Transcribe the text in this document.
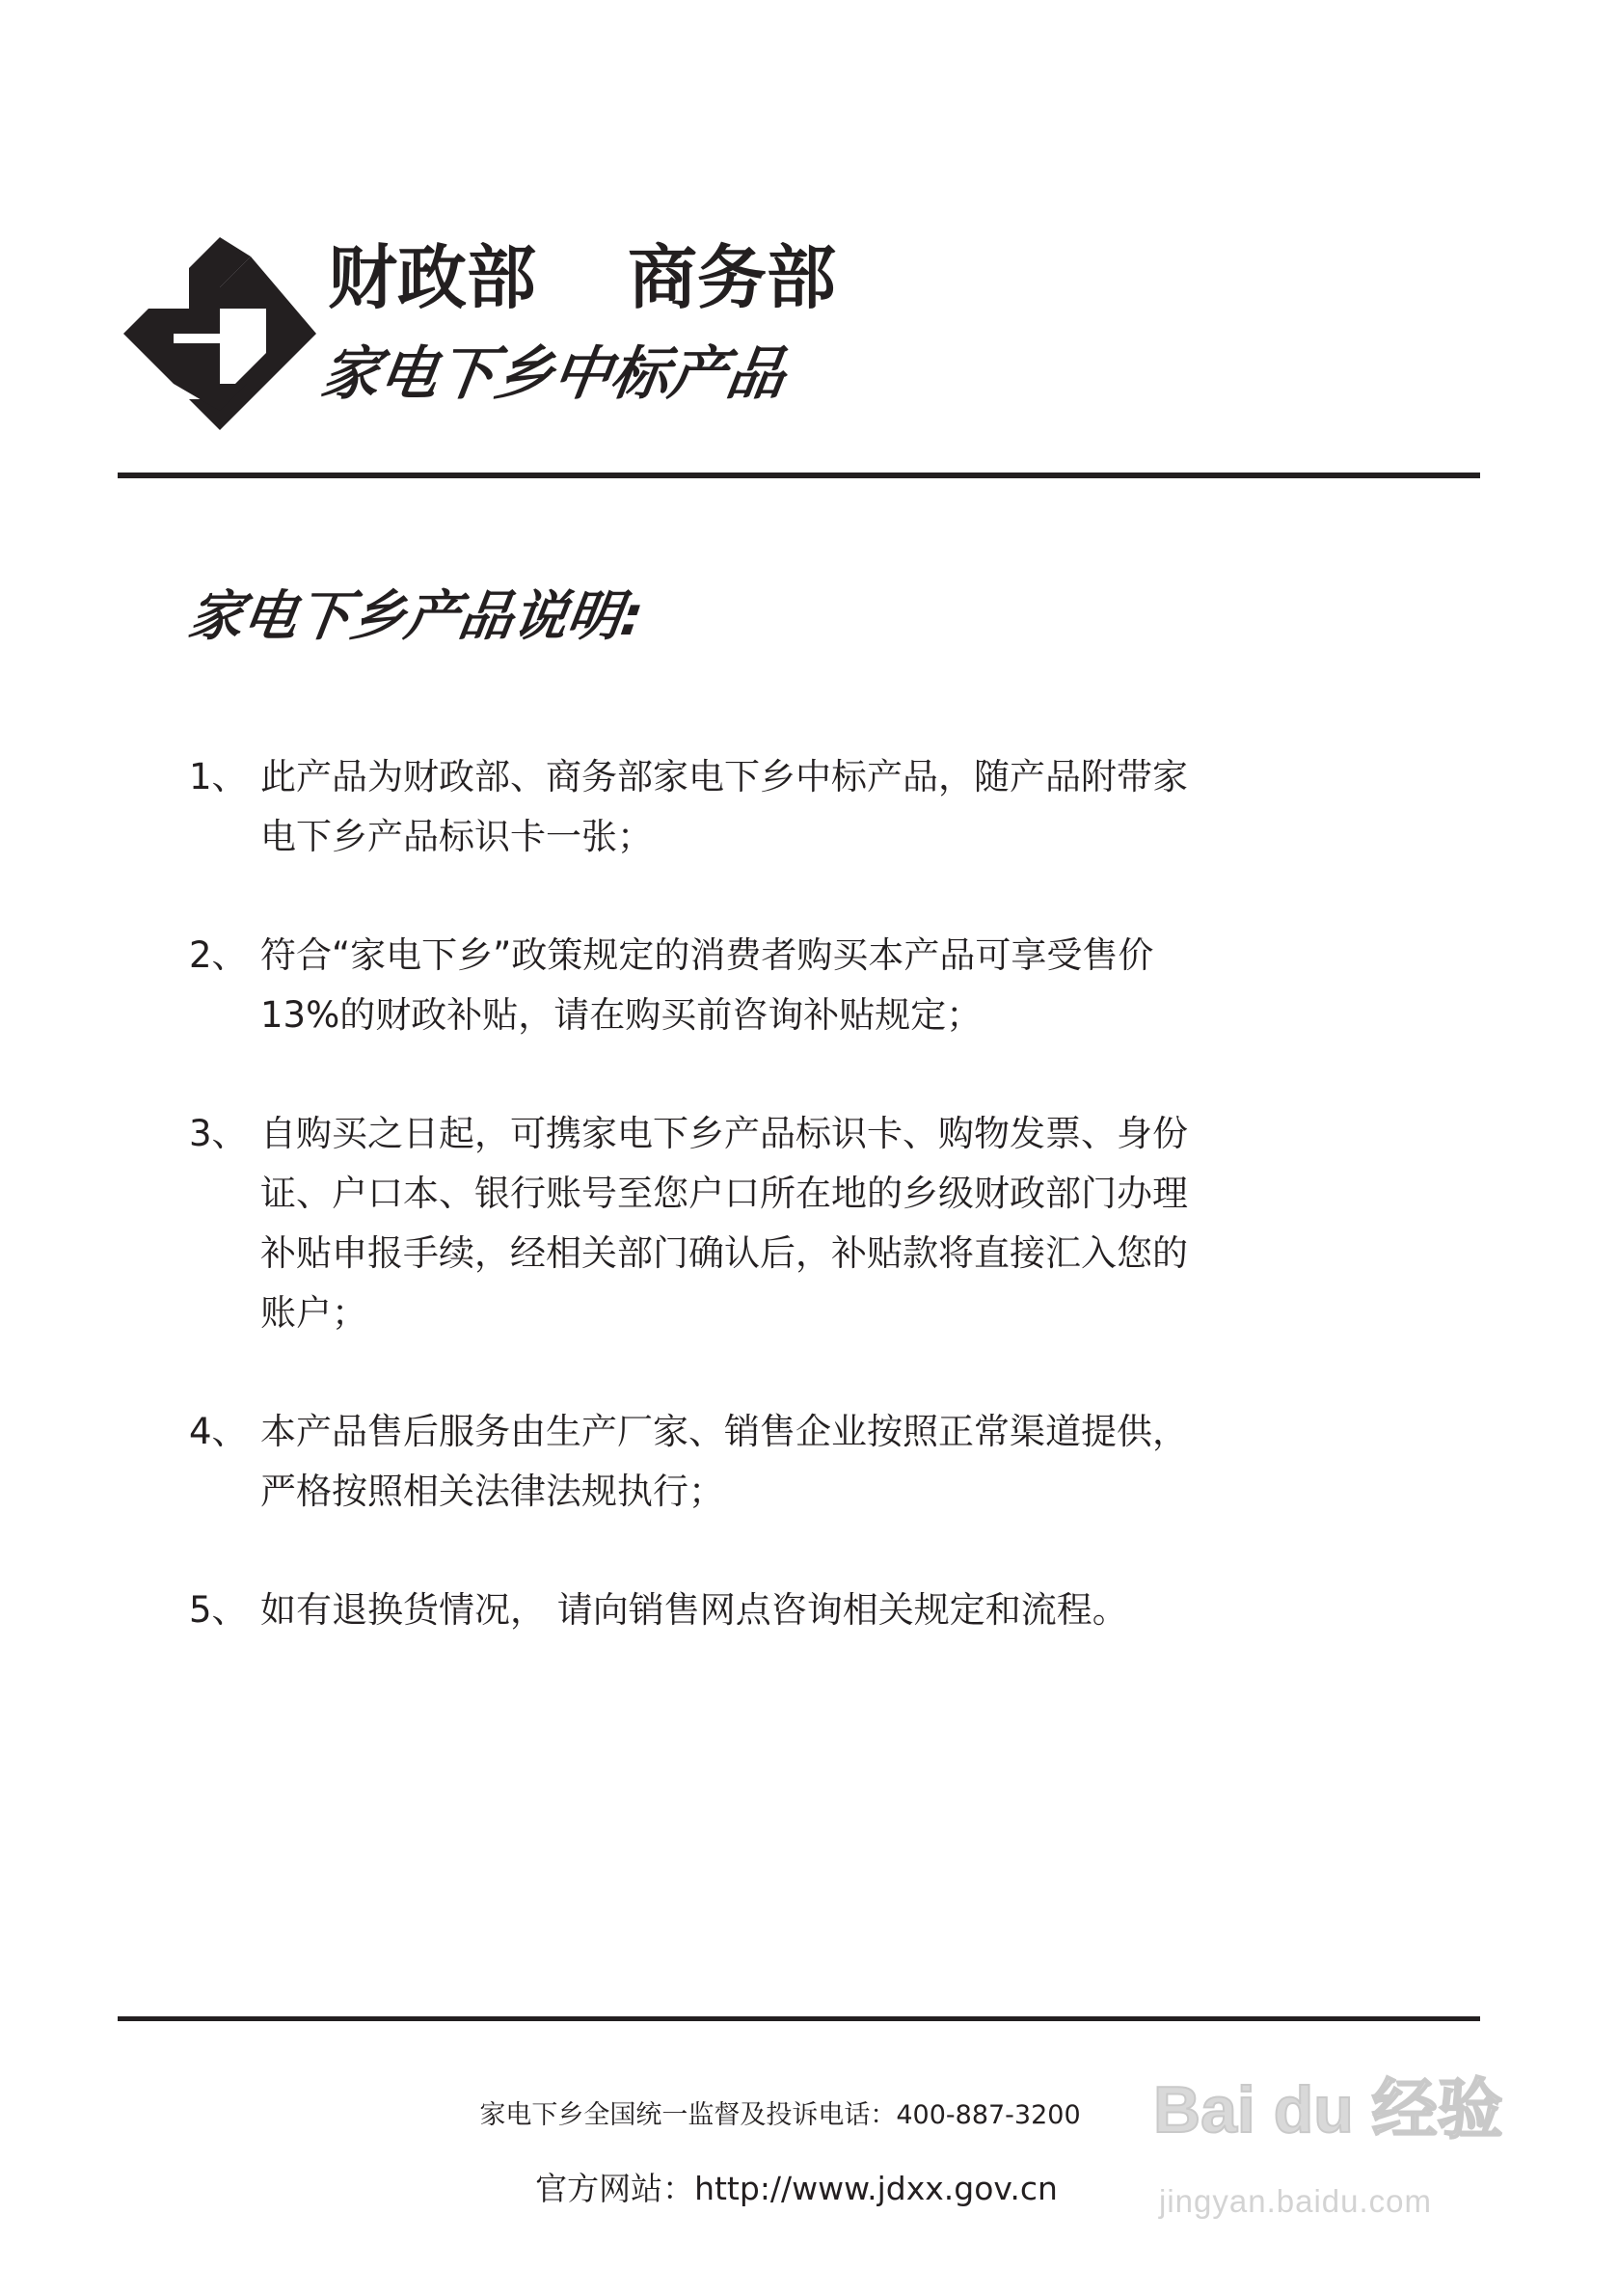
财政部 商务部
家电下乡中标产品
家电下乡产品说明:
1、 此产品为财政部、商务部家电下乡中标产品，随产品附带家
电下乡产品标识卡一张；
2、 符合“家电下乡”政策规定的消费者购买本产品可享受售价
13%的财政补贴，请在购买前咨询补贴规定；
3、 自购买之日起，可携家电下乡产品标识卡、购物发票、身份
证、户口本、银行账号至您户口所在地的乡级财政部门办理
补贴申报手续，经相关部门确认后，补贴款将直接汇入您的
账户；
4、 本产品售后服务由生产厂家、销售企业按照正常渠道提供，
严格按照相关法律法规执行；
5、 如有退换货情况， 请向销售网点咨询相关规定和流程。
家电下乡全国统一监督及投诉电话：400-887-3200
官方网站：http://www.jdxx.gov.cn
Bai du 经验
jingyan.baidu.com
